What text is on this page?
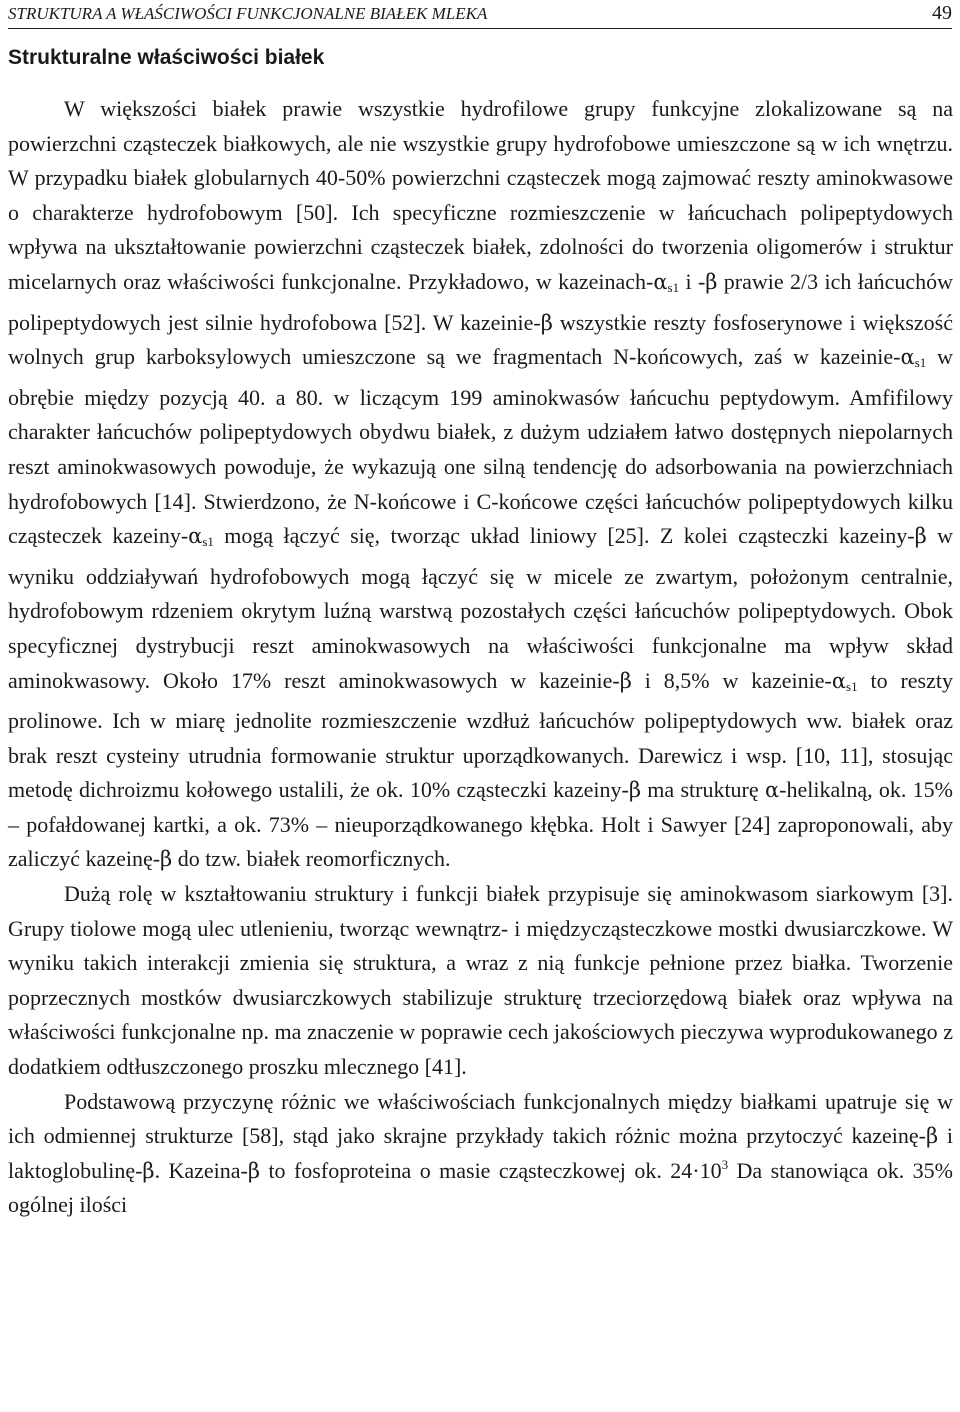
STRUKTURA A WŁAŚCIWOŚCI FUNKCJONALNE BIAŁEK MLEKA	49
Strukturalne właściwości białek

W większości białek prawie wszystkie hydrofilowe grupy funkcyjne zlokalizowane są na powierzchni cząsteczek białkowych, ale nie wszystkie grupy hydrofobowe umieszczone są w ich wnętrzu. W przypadku białek globularnych 40-50% powierzchni cząsteczek mogą zajmować reszty aminokwasowe o charakterze hydrofobowym [50]. Ich specyficzne rozmieszczenie w łańcuchach polipeptydowych wpływa na ukształtowanie powierzchni cząsteczek białek, zdolności do tworzenia oligomerów i struktur micelarnych oraz właściwości funkcjonalne. Przykładowo, w kazeinach-$\alpha_{s1}$ i -β prawie 2/3 ich łańcuchów polipeptydowych jest silnie hydrofobowa [52]. W kazeinie-β wszystkie reszty fosfoserynowe i większość wolnych grup karboksylowych umieszczone są we fragmentach N-końcowych, zaś w kazeinie-$\alpha_{s1}$ w obrębie między pozycją 40. a 80. w liczącym 199 aminokwasów łańcuchu peptydowym. Amfifilowy charakter łańcuchów polipeptydowych obydwu białek, z dużym udziałem łatwo dostępnych niepolarnych reszt aminokwasowych powoduje, że wykazują one silną tendencję do adsorbowania na powierzchniach hydrofobowych [14]. Stwierdzono, że N-końcowe i C-końcowe części łańcuchów polipeptydowych kilku cząsteczek kazeiny-$\alpha_{s1}$ mogą łączyć się, tworząc układ liniowy [25]. Z kolei cząsteczki kazeiny-β w wyniku oddziaływań hydrofobowych mogą łączyć się w micele ze zwartym, położonym centralnie, hydrofobowym rdzeniem okrytym luźną warstwą pozostałych części łańcuchów polipeptydowych. Obok specyficznej dystrybucji reszt aminokwasowych na właściwości funkcjonalne ma wpływ skład aminokwasowy. Około 17% reszt aminokwasowych w kazeinie-β i 8,5% w kazeinie-$\alpha_{s1}$ to reszty prolinowe. Ich w miarę jednolite rozmieszczenie wzdłuż łańcuchów polipeptydowych ww. białek oraz brak reszt cysteiny utrudnia formowanie struktur uporządkowanych. Darewicz i wsp. [10, 11], stosując metodę dichroizmu kołowego ustalili, że ok. 10% cząsteczki kazeiny-β ma strukturę α-helikalną, ok. 15% – pofałdowanej kartki, a ok. 73% – nieuporządkowanego kłębka. Holt i Sawyer [24] zaproponowali, aby zaliczyć kazeinę-β do tzw. białek reomorficznych.

Dużą rolę w kształtowaniu struktury i funkcji białek przypisuje się aminokwasom siarkowym [3]. Grupy tiolowe mogą ulec utlenieniu, tworząc wewnątrz- i międzycząsteczkowe mostki dwusiarczkowe. W wyniku takich interakcji zmienia się struktura, a wraz z nią funkcje pełnione przez białka. Tworzenie poprzecznych mostków dwusiarczkowych stabilizuje strukturę trzeciorzędową białek oraz wpływa na właściwości funkcjonalne np. ma znaczenie w poprawie cech jakościowych pieczywa wyprodukowanego z dodatkiem odtłuszczonego proszku mlecznego [41].

Podstawową przyczynę różnic we właściwościach funkcjonalnych między białkami upatruje się w ich odmiennej strukturze [58], stąd jako skrajne przykłady takich różnic można przytoczyć kazeinę-β i laktoglobulinę-β. Kazeina-β to fosfoproteina o masie cząsteczkowej ok. $24\cdot 10^3$ Da stanowiąca ok. 35% ogólnej ilości
